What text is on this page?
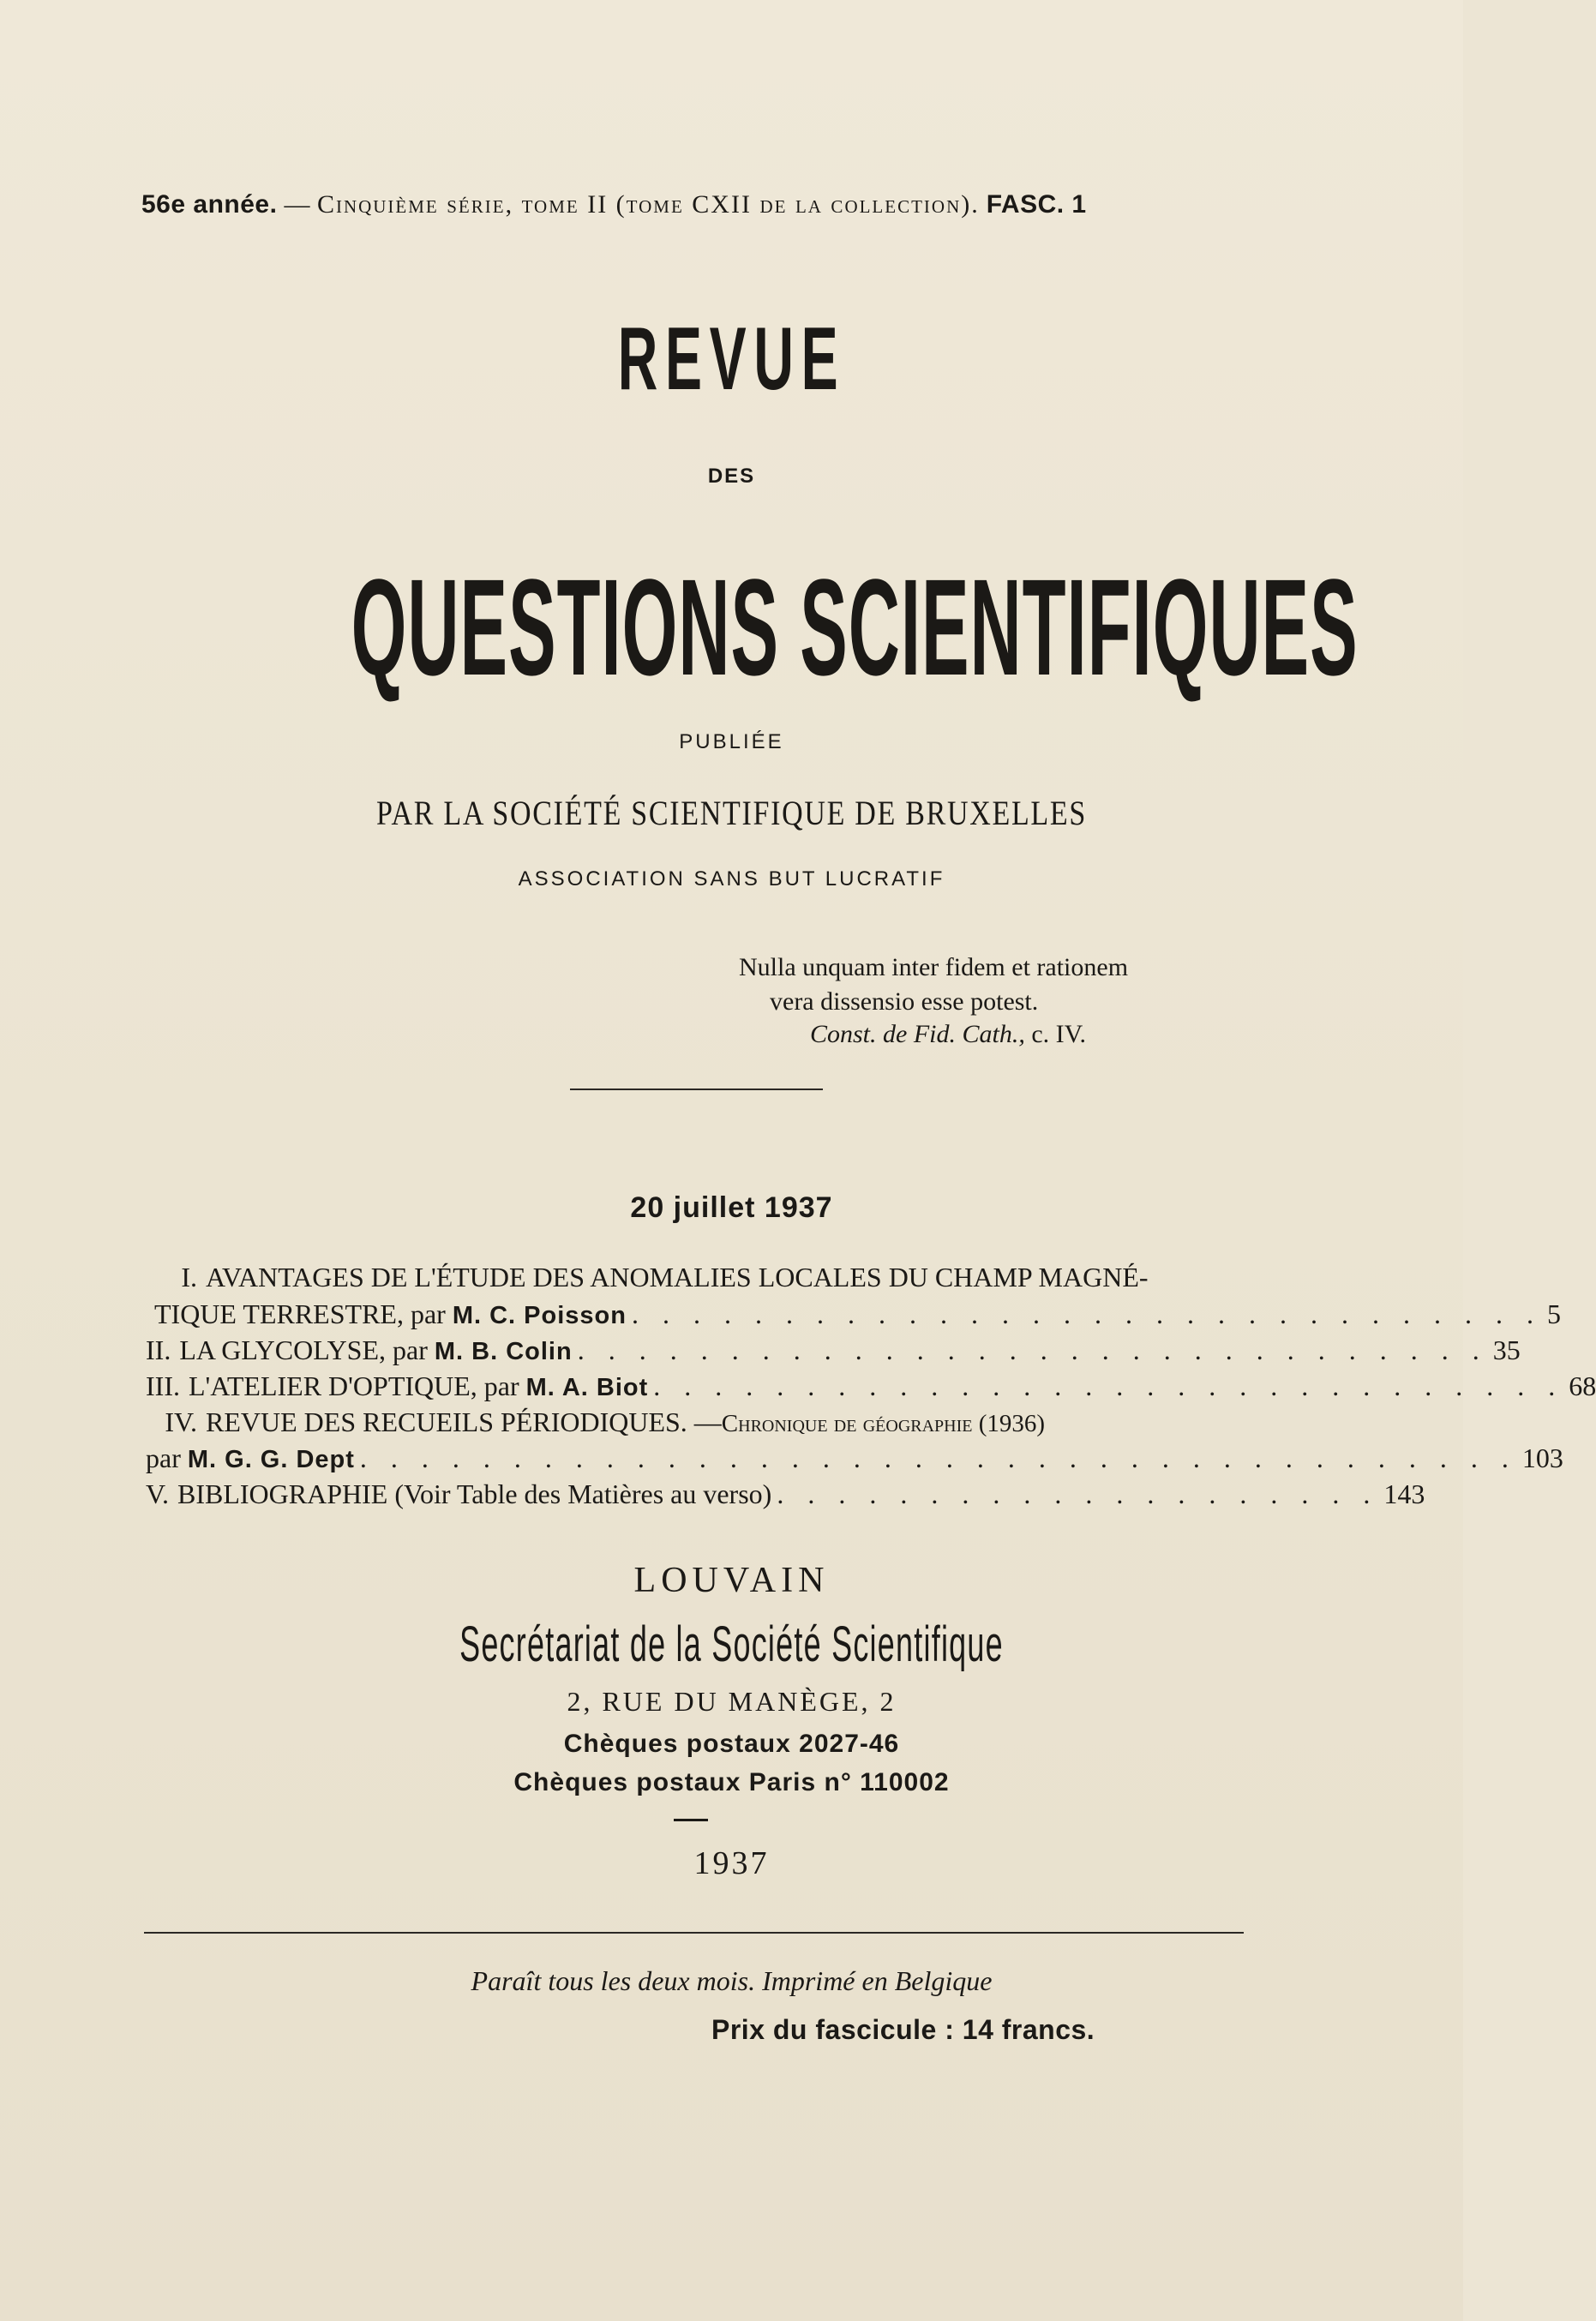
56e année. — Cinquième série, tome II (tome CXII de la collection). FASC. 1
REVUE
DES
QUESTIONS SCIENTIFIQUES
PUBLIÉE
PAR LA SOCIÉTÉ SCIENTIFIQUE DE BRUXELLES
ASSOCIATION SANS BUT LUCRATIF
Nulla unquam inter fidem et rationem
vera dissensio esse potest.
Const. de Fid. Cath., c. IV.
20 juillet 1937
I. AVANTAGES DE L'ÉTUDE DES ANOMALIES LOCALES DU CHAMP MAGNÉ-
TIQUE TERRESTRE, par M. C. Poisson . . . . . . . . . . . . . . . . . . . . . . . . . . . . . . 5
II. LA GLYCOLYSE, par M. B. Colin . . . . . . . . . . . . . . . . . . . . . . . . . . . . . . 35
III. L'ATELIER D'OPTIQUE, par M. A. Biot . . . . . . . . . . . . . . . . . . . . . . . . . . . . . . 68
IV. REVUE DES RECUEILS PÉRIODIQUES. — Chronique de géographie (1936)
par M. G. G. Dept . . . . . . . . . . . . . . . . . . . . . . . . . . . . . . . . . . . . . . 103
V. BIBLIOGRAPHIE (Voir Table des Matières au verso) . . . . . . . . . . . . . . . . . . . . 143
LOUVAIN
Secrétariat de la Société Scientifique
2, RUE DU MANÈGE, 2
Chèques postaux 2027-46
Chèques postaux Paris n° 110002
1937
Paraît tous les deux mois. Imprimé en Belgique
Prix du fascicule : 14 francs.
